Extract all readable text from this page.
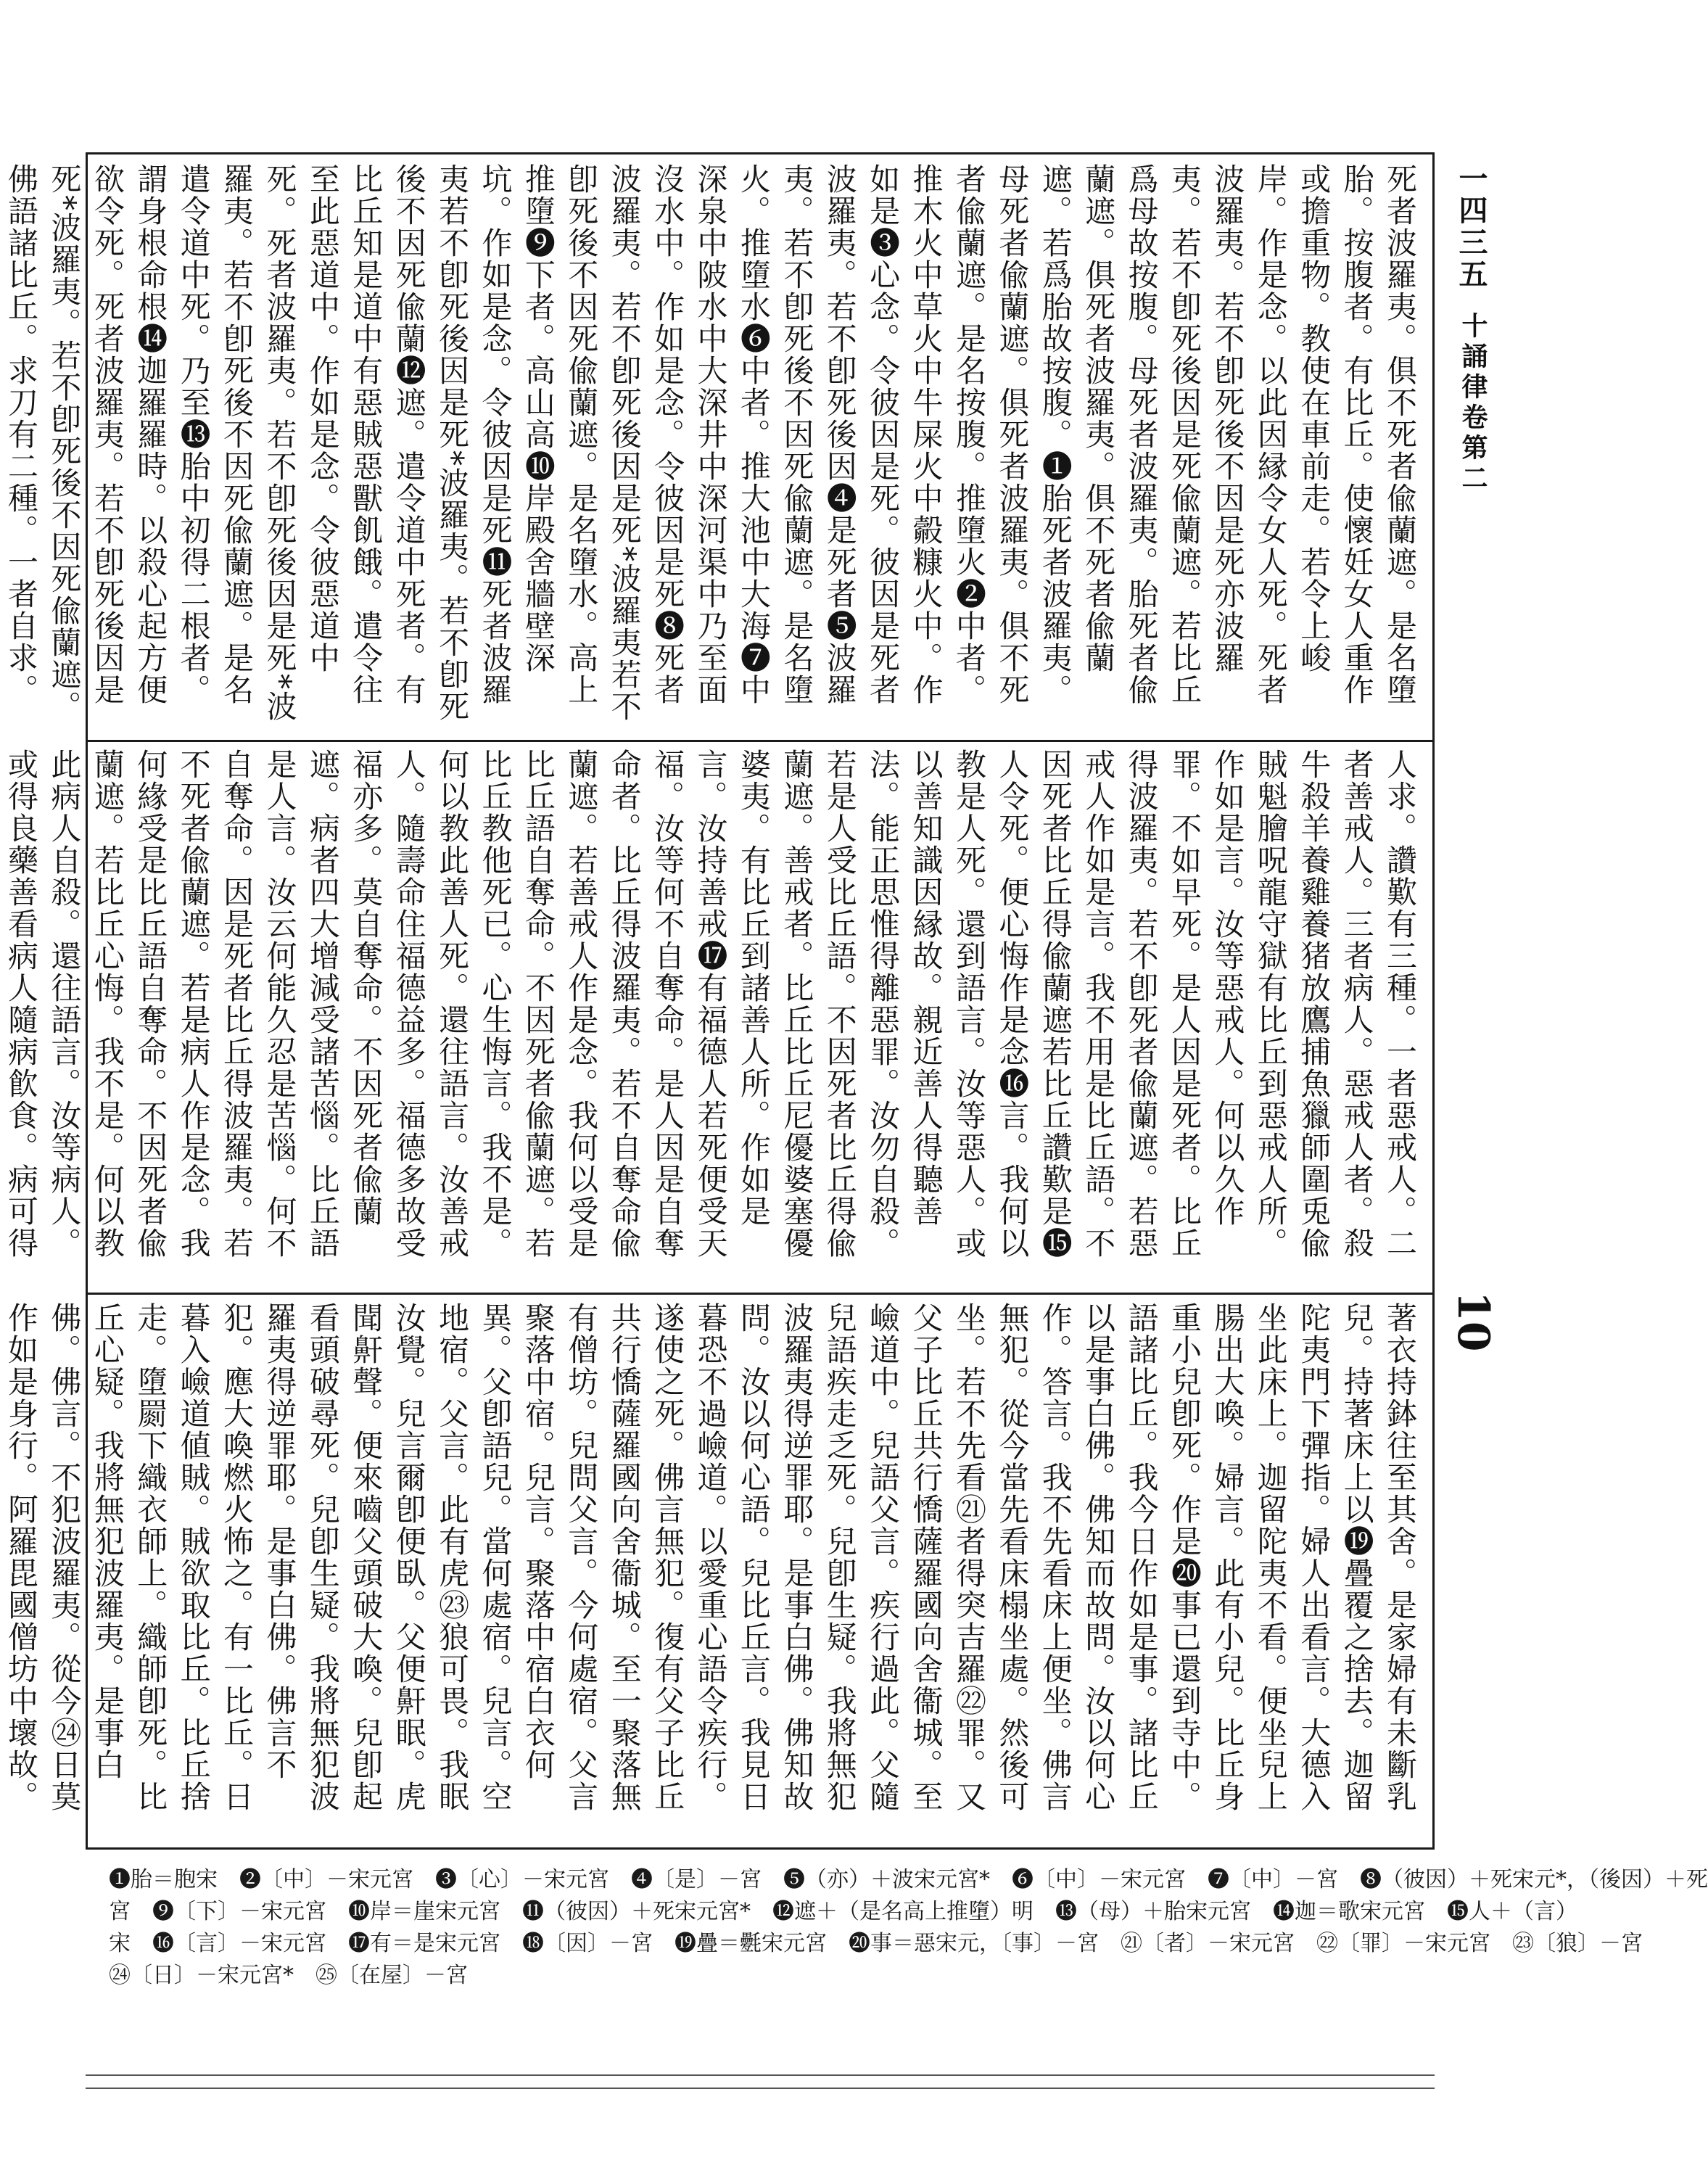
一四三五
十誦律卷第二
10
死者波羅夷。俱不死者偸蘭遮。是名墮胎。按腹者。有比丘。使懷妊女人重作或擔重物。教使在車前走。若令上峻岸。作是念。以此因縁令女人死。死者波羅夷。若不卽死後不因是死亦波羅夷。若不卽死後因是死偸蘭遮。若比丘爲母故按腹。母死者波羅夷。胎死者偸蘭遮。俱死者波羅夷。俱不死者偸蘭遮。若爲胎故按腹。❶胎死者波羅夷。母死者偸蘭遮。俱死者波羅夷。俱不死者偸蘭遮。是名按腹。推墮火❷中者。推木火中草火中牛屎火中㲉糠火中。作如是❸心念。令彼因是死。彼因是死者波羅夷。若不卽死後因❹是死者❺波羅夷。若不卽死後不因死偸蘭遮。是名墮火。推墮水❻中者。推大池中大海❼中深泉中陂水中大深井中深河渠中乃至面沒水中。作如是念。令彼因是死❽死者波羅夷。若不卽死後因是死*波羅夷若不卽死後不因死偸蘭遮。是名墮水。高上推墮❾下者。高山高❿岸殿舍牆壁深坑。作如是念。令彼因是死⓫死者波羅夷若不卽死後因是死*波羅夷。若不卽死後不因死偸蘭⓬遮。遣令道中死者。有比丘知是道中有惡賊惡獸飢餓。遣令往至此惡道中。作如是念。令彼惡道中死。死者波羅夷。若不卽死後因是死*波羅夷。若不卽死後不因死偸蘭遮。是名遣令道中死。乃至⓭胎中初得二根者。謂身根命根⓮迦羅羅時。以殺心起方便欲令死。死者波羅夷。若不卽死後因是死*波羅夷。若不卽死後不因死偸蘭遮。佛語諸比丘。求刀有二種。一者自求。
人求。讚歎有三種。一者惡戒人。二者善戒人。三者病人。惡戒人者。殺牛殺羊養雞養猪放鷹捕魚獵師圍兎偸賊魁膾呪龍守獄有比丘到惡戒人所。作如是言。汝等惡戒人。何以久作罪。不如早死。是人因是死者。比丘得波羅夷。若不卽死者偸蘭遮。若惡戒人作如是言。我不用是比丘語。不因死者比丘得偸蘭遮若比丘讚歎是⓯人令死。便心悔作是念⓰言。我何以教是人死。還到語言。汝等惡人。或以善知識因縁故。親近善人得聽善法。能正思惟得離惡罪。汝勿自殺。若是人受比丘語。不因死者比丘得偸蘭遮。善戒者。比丘比丘尼優婆塞優婆夷。有比丘到諸善人所。作如是言。汝持善戒⓱有福德人若死便受天福。汝等何不自奪命。是人因是自奪命者。比丘得波羅夷。若不自奪命偸蘭遮。若善戒人作是念。我何以受是比丘語自奪命。不因死者偸蘭遮。若比丘教他死已。心生悔言。我不是。何以教此善人死。還往語言。汝善戒人。隨壽命住福德益多。福德多故受福亦多。莫自奪命。不因死者偸蘭遮。病者四大增減受諸苦惱。比丘語是人言。汝云何能久忍是苦惱。何不自奪命。因是死者比丘得波羅夷。若不死者偸蘭遮。若是病人作是念。我何緣受是比丘語自奪命。不因死者偸蘭遮。若比丘心悔。我不是。何以教此病人自殺。還往語言。汝等病人。或得良藥善看病人隨病飮食。病可得
著衣持鉢往至其舍。是家婦有未斷乳兒。持著床上以⓳疊覆之捨去。迦留陀夷門下彈指。婦人出看言。大德入坐此床上。迦留陀夷不看。便坐兒上腸出大喚。婦言。此有小兒。比丘身重小兒卽死。作是⓴事已還到寺中。語諸比丘。我今日作如是事。諸比丘以是事白佛。佛知而故問。汝以何心作。答言。我不先看床上便坐。佛言無犯。從今當先看床榻坐處。然後可坐。若不先看㉑者得突吉羅㉒罪。又父子比丘共行憍薩羅國向舍衞城。至嶮道中。兒語父言。疾行過此。父隨兒語疾走乏死。兒卽生疑。我將無犯波羅夷得逆罪耶。是事白佛。佛知故問。汝以何心語。兒比丘言。我見日暮恐不過嶮道。以愛重心語令疾行。遂使之死。佛言無犯。復有父子比丘共行憍薩羅國向舍衞城。至一聚落無有僧坊。兒問父言。今何處宿。父言聚落中宿。兒言。聚落中宿白衣何異。父卽語兒。當何處宿。兒言。空地宿。父言。此有虎㉓狼可畏。我眠汝覺。兒言爾卽便臥。父便鼾眠。虎聞鼾聲。便來嚙父頭破大喚。兒卽起看頭破尋死。兒卽生疑。我將無犯波羅夷得逆罪耶。是事白佛。佛言不犯。應大喚燃火怖之。有一比丘。日暮入嶮道値賊。賊欲取比丘。比丘捨走。墮罽下織衣師上。織師卽死。比丘心疑。我將無犯波羅夷。是事白佛。佛言。不犯波羅夷。從今㉔日莫作如是身行。阿羅毘國僧坊中壞故。

❶胎＝胞宋　❷〔中〕－宋元宮　❸〔心〕－宋元宮　❹〔是〕－宮　❺（亦）＋波宋元宮*　❻〔中〕－宋元宮　❼〔中〕－宮　❽（彼因）＋死宋元*，（後因）＋死

宮　❾〔下〕－宋元宮　❿岸＝崖宋元宮　⓫（彼因）＋死宋元宮*　⓬遮＋（是名高上推墮）明　⓭（母）＋胎宋元宮　⓮迦＝歌宋元宮　⓯人＋（言）

宋　⓰〔言〕－宋元宮　⓱有＝是宋元宮　⓲〔因〕－宮　⓳疊＝氎宋元宮　⓴事＝惡宋元，〔事〕－宮　㉑〔者〕－宋元宮　㉒〔罪〕－宋元宮　㉓〔狼〕－宮

㉔〔日〕－宋元宮*　㉕〔在屋〕－宮
